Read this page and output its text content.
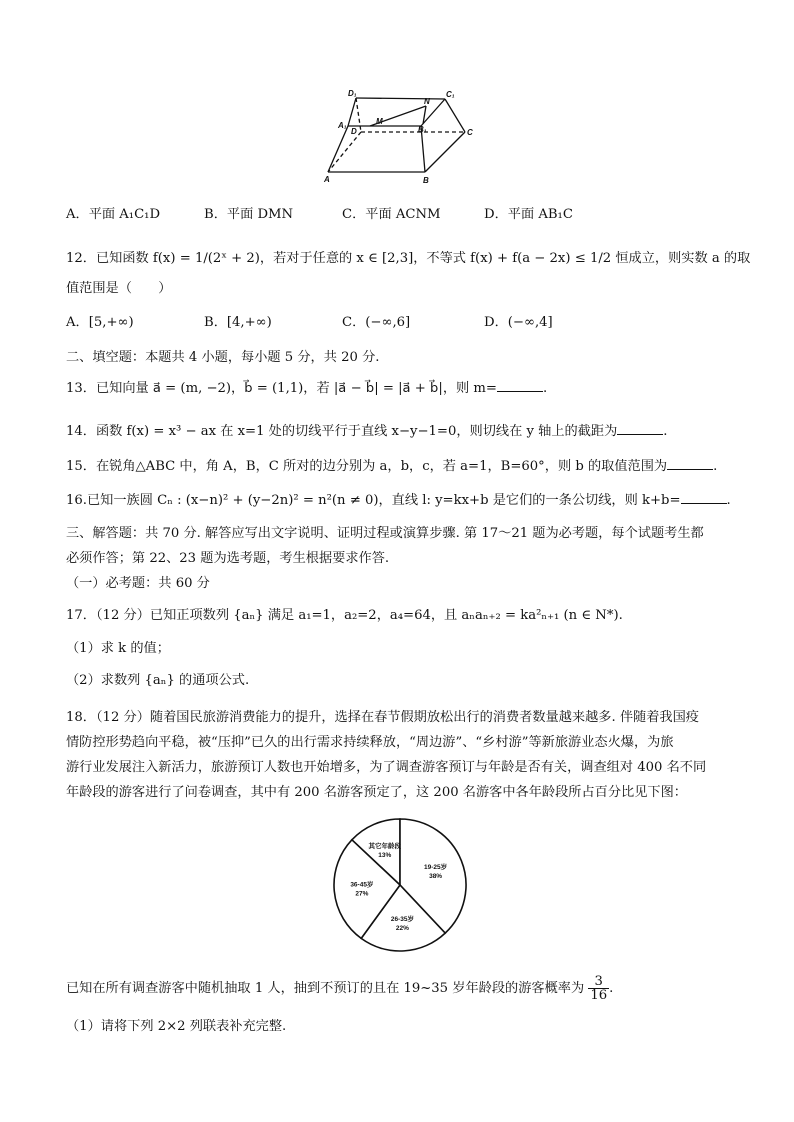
D₁	C₁
A₁	B₁
N
M
D	C
A	B
A．平面 A₁C₁D	B．平面 DMN	C．平面 ACNM	D．平面 AB₁C
12．已知函数 f(x) = 1/(2ˣ + 2)，若对于任意的 x ∈ [2,3]，不等式 f(x) + f(a − 2x) ≤ 1/2 恒成立，则实数 a 的取
值范围是（　　）
A．[5,+∞)	B．[4,+∞)	C．(−∞,6]	D．(−∞,4]
二、填空题：本题共 4 小题，每小题 5 分，共 20 分.
13．已知向量 a⃗ = (m, −2)，b⃗ = (1,1)，若 |a⃗ − b⃗| = |a⃗ + b⃗|，则 m=	.
14．函数 f(x) = x³ − ax 在 x=1 处的切线平行于直线 x−y−1=0，则切线在 y 轴上的截距为	.
15．在锐角△ABC 中，角 A，B，C 所对的边分别为 a，b，c，若 a=1，B=60°，则 b 的取值范围为	.
16.已知一族圆 Cₙ : (x−n)² + (y−2n)² = n²(n ≠ 0)，直线 l: y=kx+b 是它们的一条公切线，则 k+b=	.
三、解答题：共 70 分. 解答应写出文字说明、证明过程或演算步骤. 第 17～21 题为必考题，每个试题考生都
必须作答；第 22、23 题为选考题，考生根据要求作答.
（一）必考题：共 60 分
17．（12 分）已知正项数列 {aₙ} 满足 a₁=1，a₂=2，a₄=64，且 aₙaₙ₊₂ = ka²ₙ₊₁ (n ∈ N*).
（1）求 k 的值；
（2）求数列 {aₙ} 的通项公式.
18．（12 分）随着国民旅游消费能力的提升，选择在春节假期放松出行的消费者数量越来越多. 伴随着我国疫
情防控形势趋向平稳，被“压抑”已久的出行需求持续释放，“周边游”、“乡村游”等新旅游业态火爆，为旅
游行业发展注入新活力，旅游预订人数也开始增多，为了调查游客预订与年龄是否有关，调查组对 400 名不同
年龄段的游客进行了问卷调查，其中有 200 名游客预定了，这 200 名游客中各年龄段所占百分比见下图：
其它年龄段
13%
19-25岁
38%
26-35岁
22%
36-45岁
27%
已知在所有调查游客中随机抽取 1 人，抽到不预订的且在 19~35 岁年龄段的游客概率为 $\frac{3}{16}$ .
（1）请将下列 2×2 列联表补充完整.
